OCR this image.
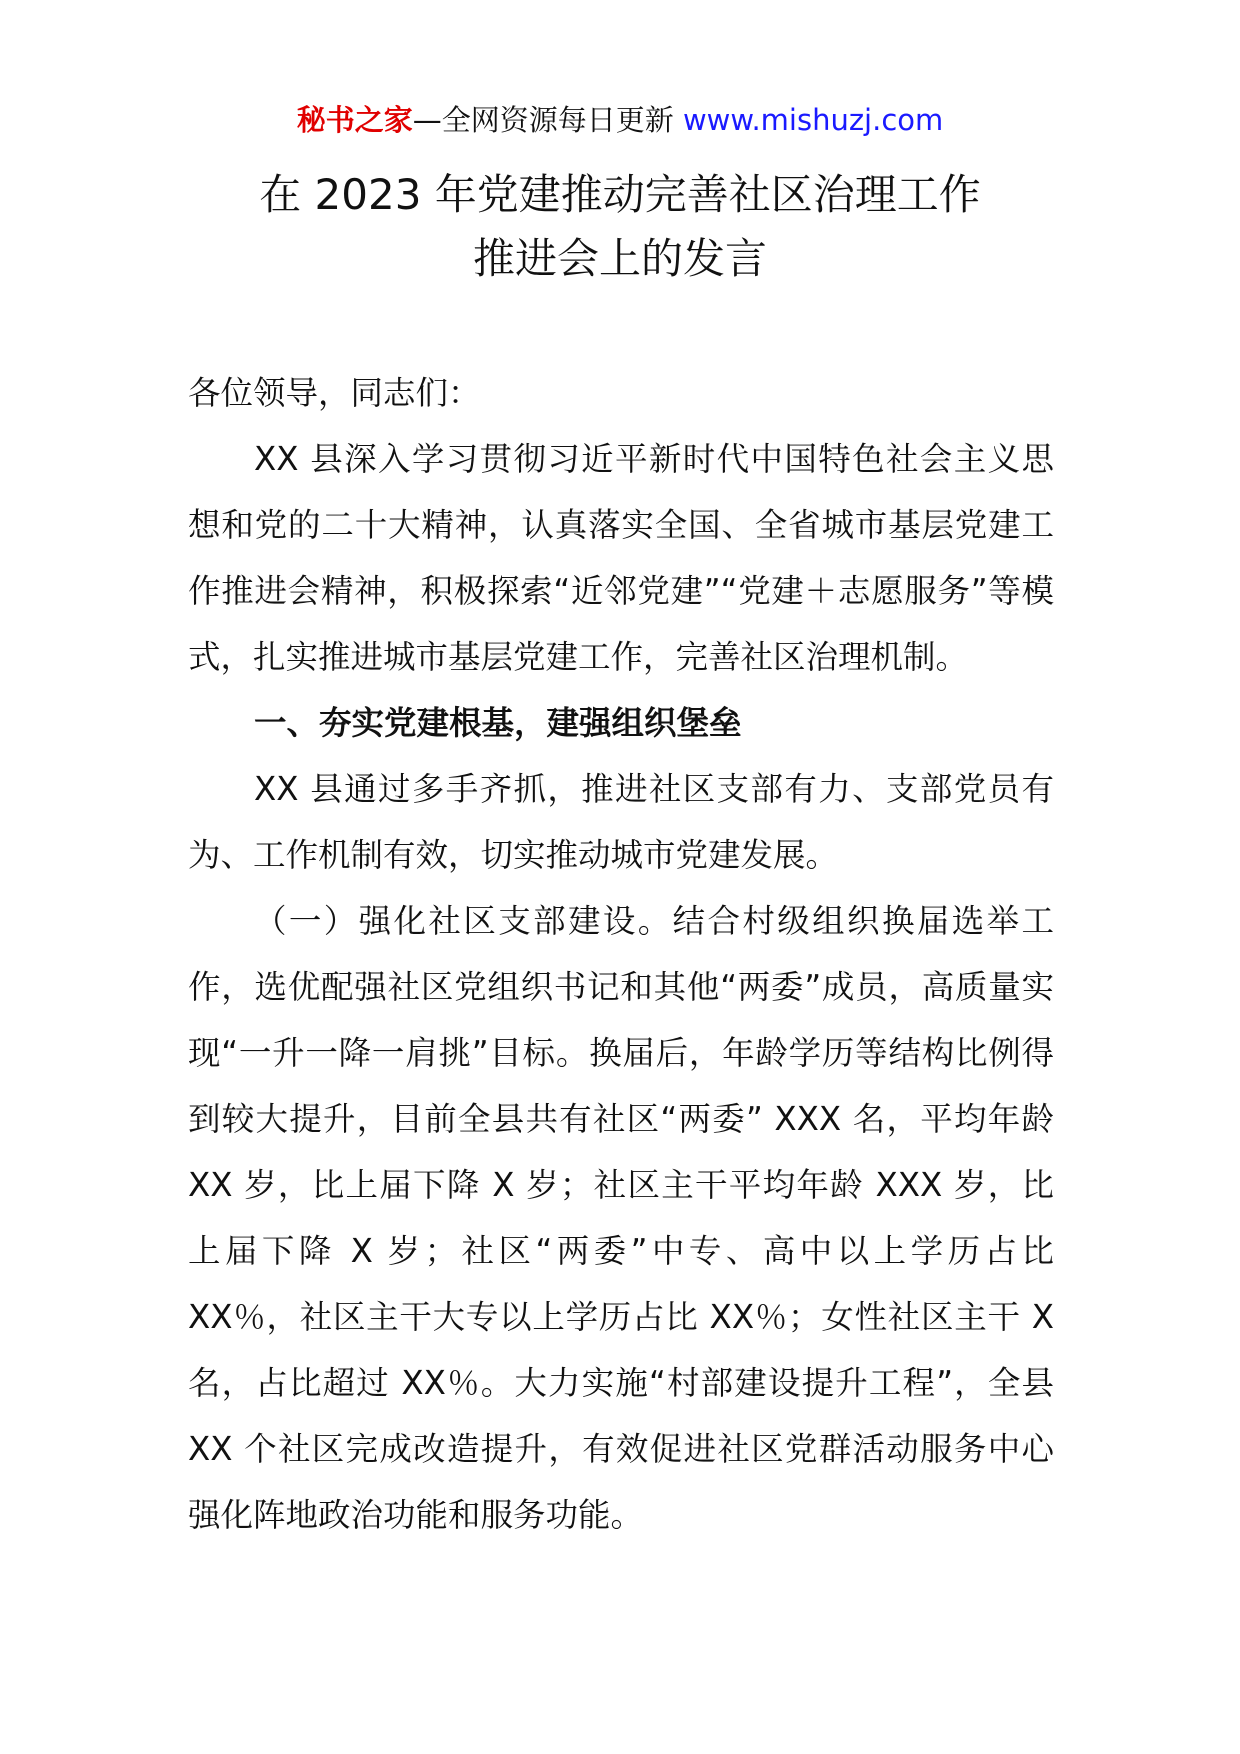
秘书之家—全网资源每日更新 www.mishuzj.com
在 2023 年党建推动完善社区治理工作
推进会上的发言

各位领导，同志们：

XX 县深入学习贯彻习近平新时代中国特色社会主义思想和党的二十大精神，认真落实全国、全省城市基层党建工作推进会精神，积极探索“近邻党建”“党建＋志愿服务”等模式，扎实推进城市基层党建工作，完善社区治理机制。

一、夯实党建根基，建强组织堡垒

XX 县通过多手齐抓，推进社区支部有力、支部党员有为、工作机制有效，切实推动城市党建发展。

（一）强化社区支部建设。结合村级组织换届选举工作，选优配强社区党组织书记和其他“两委”成员，高质量实现“一升一降一肩挑”目标。换届后，年龄学历等结构比例得到较大提升，目前全县共有社区“两委” XXX 名，平均年龄 XX 岁，比上届下降 X 岁；社区主干平均年龄 XXX 岁，比上届下降 X 岁；社区“两委”中专、高中以上学历占比 XX％，社区主干大专以上学历占比 XX％；女性社区主干 X 名，占比超过 XX％。大力实施“村部建设提升工程”，全县 XX 个社区完成改造提升，有效促进社区党群活动服务中心强化阵地政治功能和服务功能。
